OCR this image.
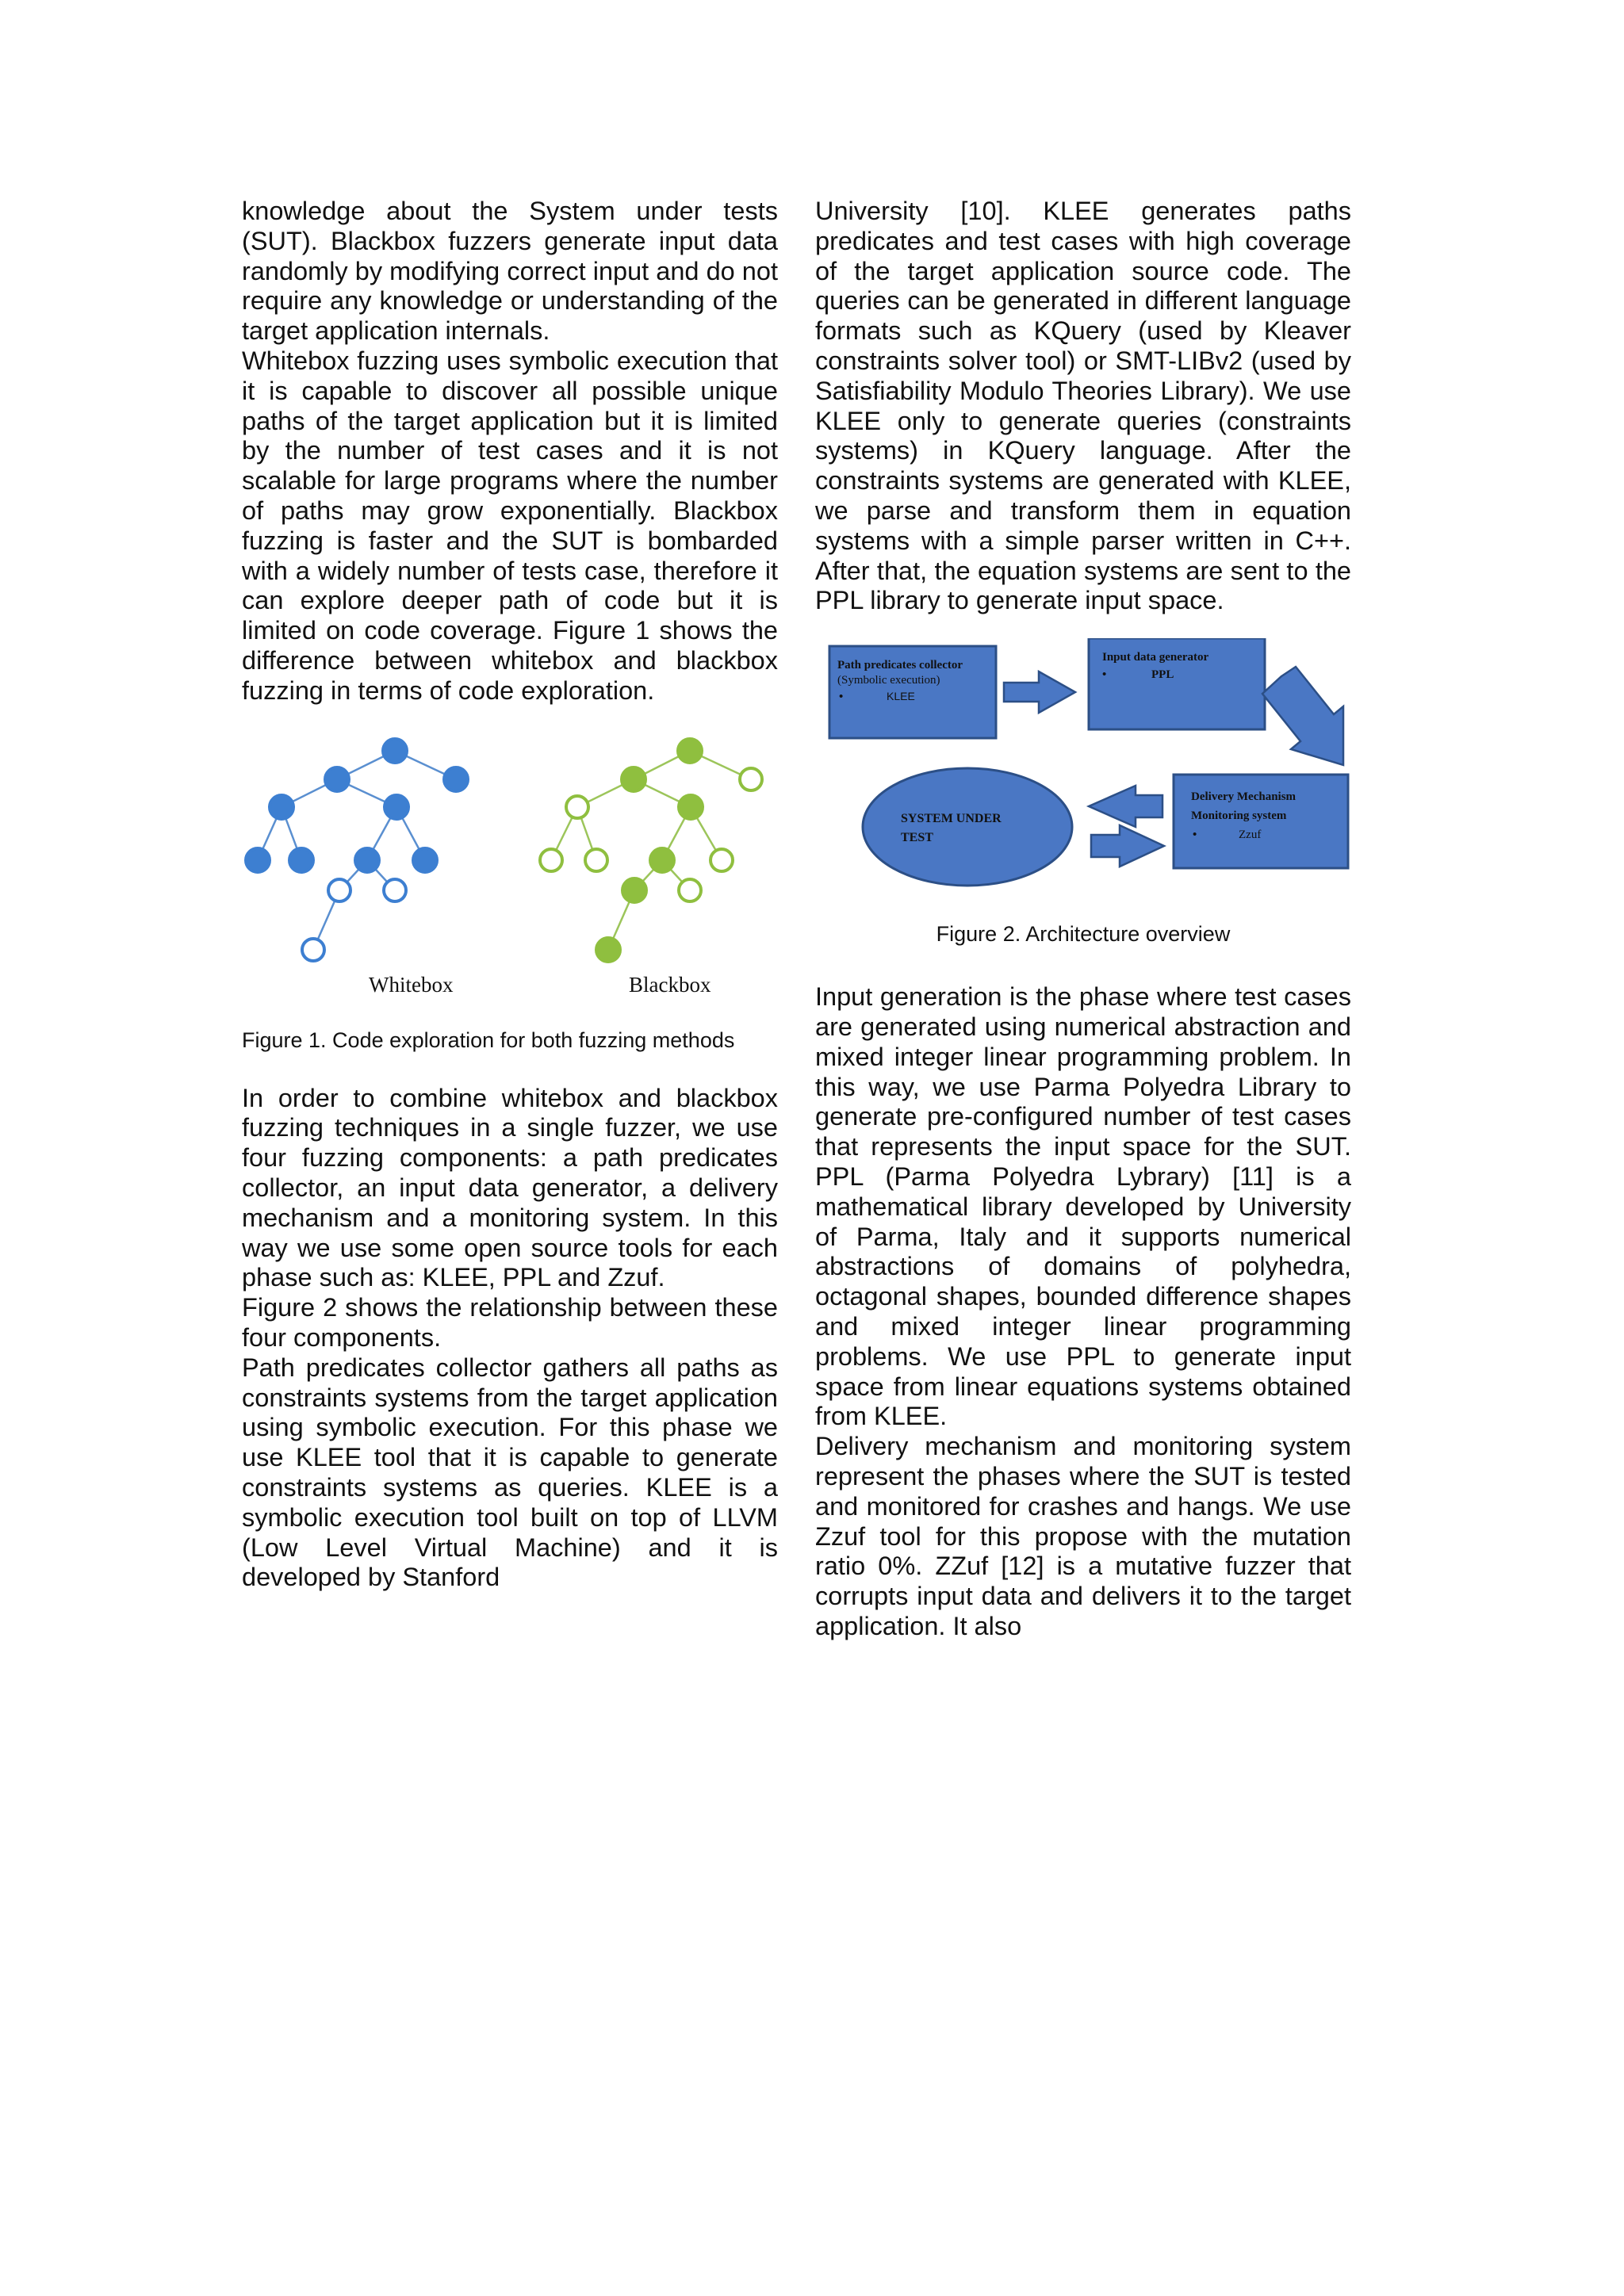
knowledge about the System under tests (SUT). Blackbox fuzzers generate input data randomly by modifying correct input and do not require any knowledge or understanding of the target application internals.

Whitebox fuzzing uses symbolic execution that it is capable to discover all possible unique paths of the target application but it is limited by the number of test cases and it is not scalable for large programs where the number of paths may grow exponentially. Blackbox fuzzing is faster and the SUT is bombarded with a widely number of tests case, therefore it can explore deeper path of code but it is limited on code coverage. Figure 1 shows the difference between whitebox and blackbox fuzzing in terms of code exploration.

Whitebox	Blackbox

Figure 1. Code exploration for both fuzzing methods

In order to combine whitebox and blackbox fuzzing techniques in a single fuzzer, we use four fuzzing components: a path predicates collector, an input data generator, a delivery mechanism and a monitoring system. In this way we use some open source tools for each phase such as: KLEE, PPL and Zzuf.

Figure 2 shows the relationship between these four components.

Path predicates collector gathers all paths as constraints systems from the target application using symbolic execution. For this phase we use KLEE tool that it is capable to generate constraints systems as queries. KLEE is a symbolic execution tool built on top of LLVM (Low Level Virtual Machine) and it is developed by Stanford

University [10]. KLEE generates paths predicates and test cases with high coverage of the target application source code. The queries can be generated in different language formats such as KQuery (used by Kleaver constraints solver tool) or SMT-LIBv2 (used by Satisfiability Modulo Theories Library). We use KLEE only to generate queries (constraints systems) in KQuery language. After the constraints systems are generated with KLEE, we parse and transform them in equation systems with a simple parser written in C++. After that, the equation systems are sent to the PPL library to generate input space.

Path predicates collector
(Symbolic execution)
•	KLEE
Input data generator
•	PPL
Delivery Mechanism
Monitoring system
•	Zzuf
SYSTEM UNDER
TEST

Figure 2. Architecture overview

Input generation is the phase where test cases are generated using numerical abstraction and mixed integer linear programming problem. In this way, we use Parma Polyedra Library to generate pre-configured number of test cases that represents the input space for the SUT. PPL (Parma Polyedra Lybrary) [11] is a mathematical library developed by University of Parma, Italy and it supports numerical abstractions of domains of polyhedra, octagonal shapes, bounded difference shapes and mixed integer linear programming problems. We use PPL to generate input space from linear equations systems obtained from KLEE.

Delivery mechanism and monitoring system represent the phases where the SUT is tested and monitored for crashes and hangs. We use Zzuf tool for this propose with the mutation ratio 0%. ZZuf [12] is a mutative fuzzer that corrupts input data and delivers it to the target application. It also
